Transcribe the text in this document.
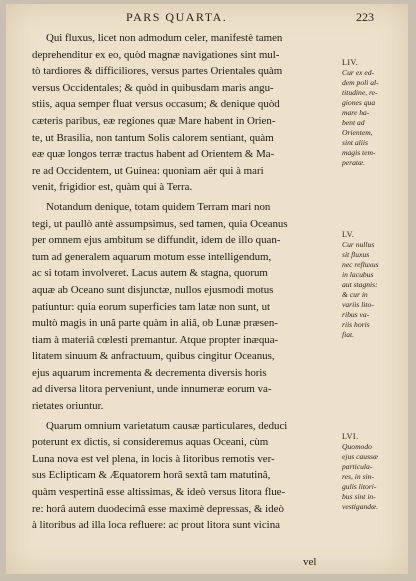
PARS QUARTA.	223
Qui fluxus, licet non admodum celer, manifestè tamen
deprehenditur ex eo, quòd magnæ navigationes sint mul-
tò tardiores & difficiliores, versus partes Orientales quàm
versus Occidentales; & quòd in quibusdam maris angu-
stiis, aqua semper fluat versus occasum; & denique quòd
cæteris paribus, eæ regiones quæ Mare habent in Orien-
te, ut Brasilia, non tantum Solis calorem sentiant, quàm
eæ quæ longos terræ tractus habent ad Orientem & Ma-
re ad Occidentem, ut Guinea: quoniam aër qui à mari
venit, frigidior est, quàm qui à Terra.
Notandum denique, totam quidem Terram mari non
tegi, ut paullò antè assumpsimus, sed tamen, quia Oceanus
per omnem ejus ambitum se diffundit, idem de illo quan-
tum ad generalem aquarum motum esse intelligendum,
ac si totam involveret. Lacus autem & stagna, quorum
aquæ ab Oceano sunt disjunctæ, nullos ejusmodi motus
patiuntur: quia eorum superficies tam latæ non sunt, ut
multò magis in unâ parte quàm in aliâ, ob Lunæ præsen-
tiam à materiâ cœlesti premantur. Atque propter inæqua-
litatem sinuum & anfractuum, quibus cingitur Oceanus,
ejus aquarum incrementa & decrementa diversis horis
ad diversa litora perveniunt, unde innumeræ eorum va-
rietates oriuntur.
Quarum omnium varietatum causæ particulares, deduci
poterunt ex dictis, si consideremus aquas Oceani, cùm
Luna nova est vel plena, in locis à litoribus remotis ver-
sus Eclipticam & Æquatorem horâ sextâ tam matutinâ,
quàm vespertinâ esse altissimas, & ideò versus litora flue-
re: horâ autem duodecimâ esse maximè depressas, & ideò
à litoribus ad illa loca refluere: ac prout litora sunt vicina
LIV.
Cur ex ed-
dem poli al-
titudine, re-
giones qua
mare ha-
bent ad
Orientem,
sint aliis
magis tem-
peratæ.
LV.
Cur nullus
sit fluxus
nec refluxus
in lacubus
aut stagnis:
& cur in
variis lito-
ribus va-
riis horis
fiat.
LVI.
Quomodo
ejus caussæ
particula-
res, in sin-
gulis litori-
bus sint in-
vestigandæ.
vel
